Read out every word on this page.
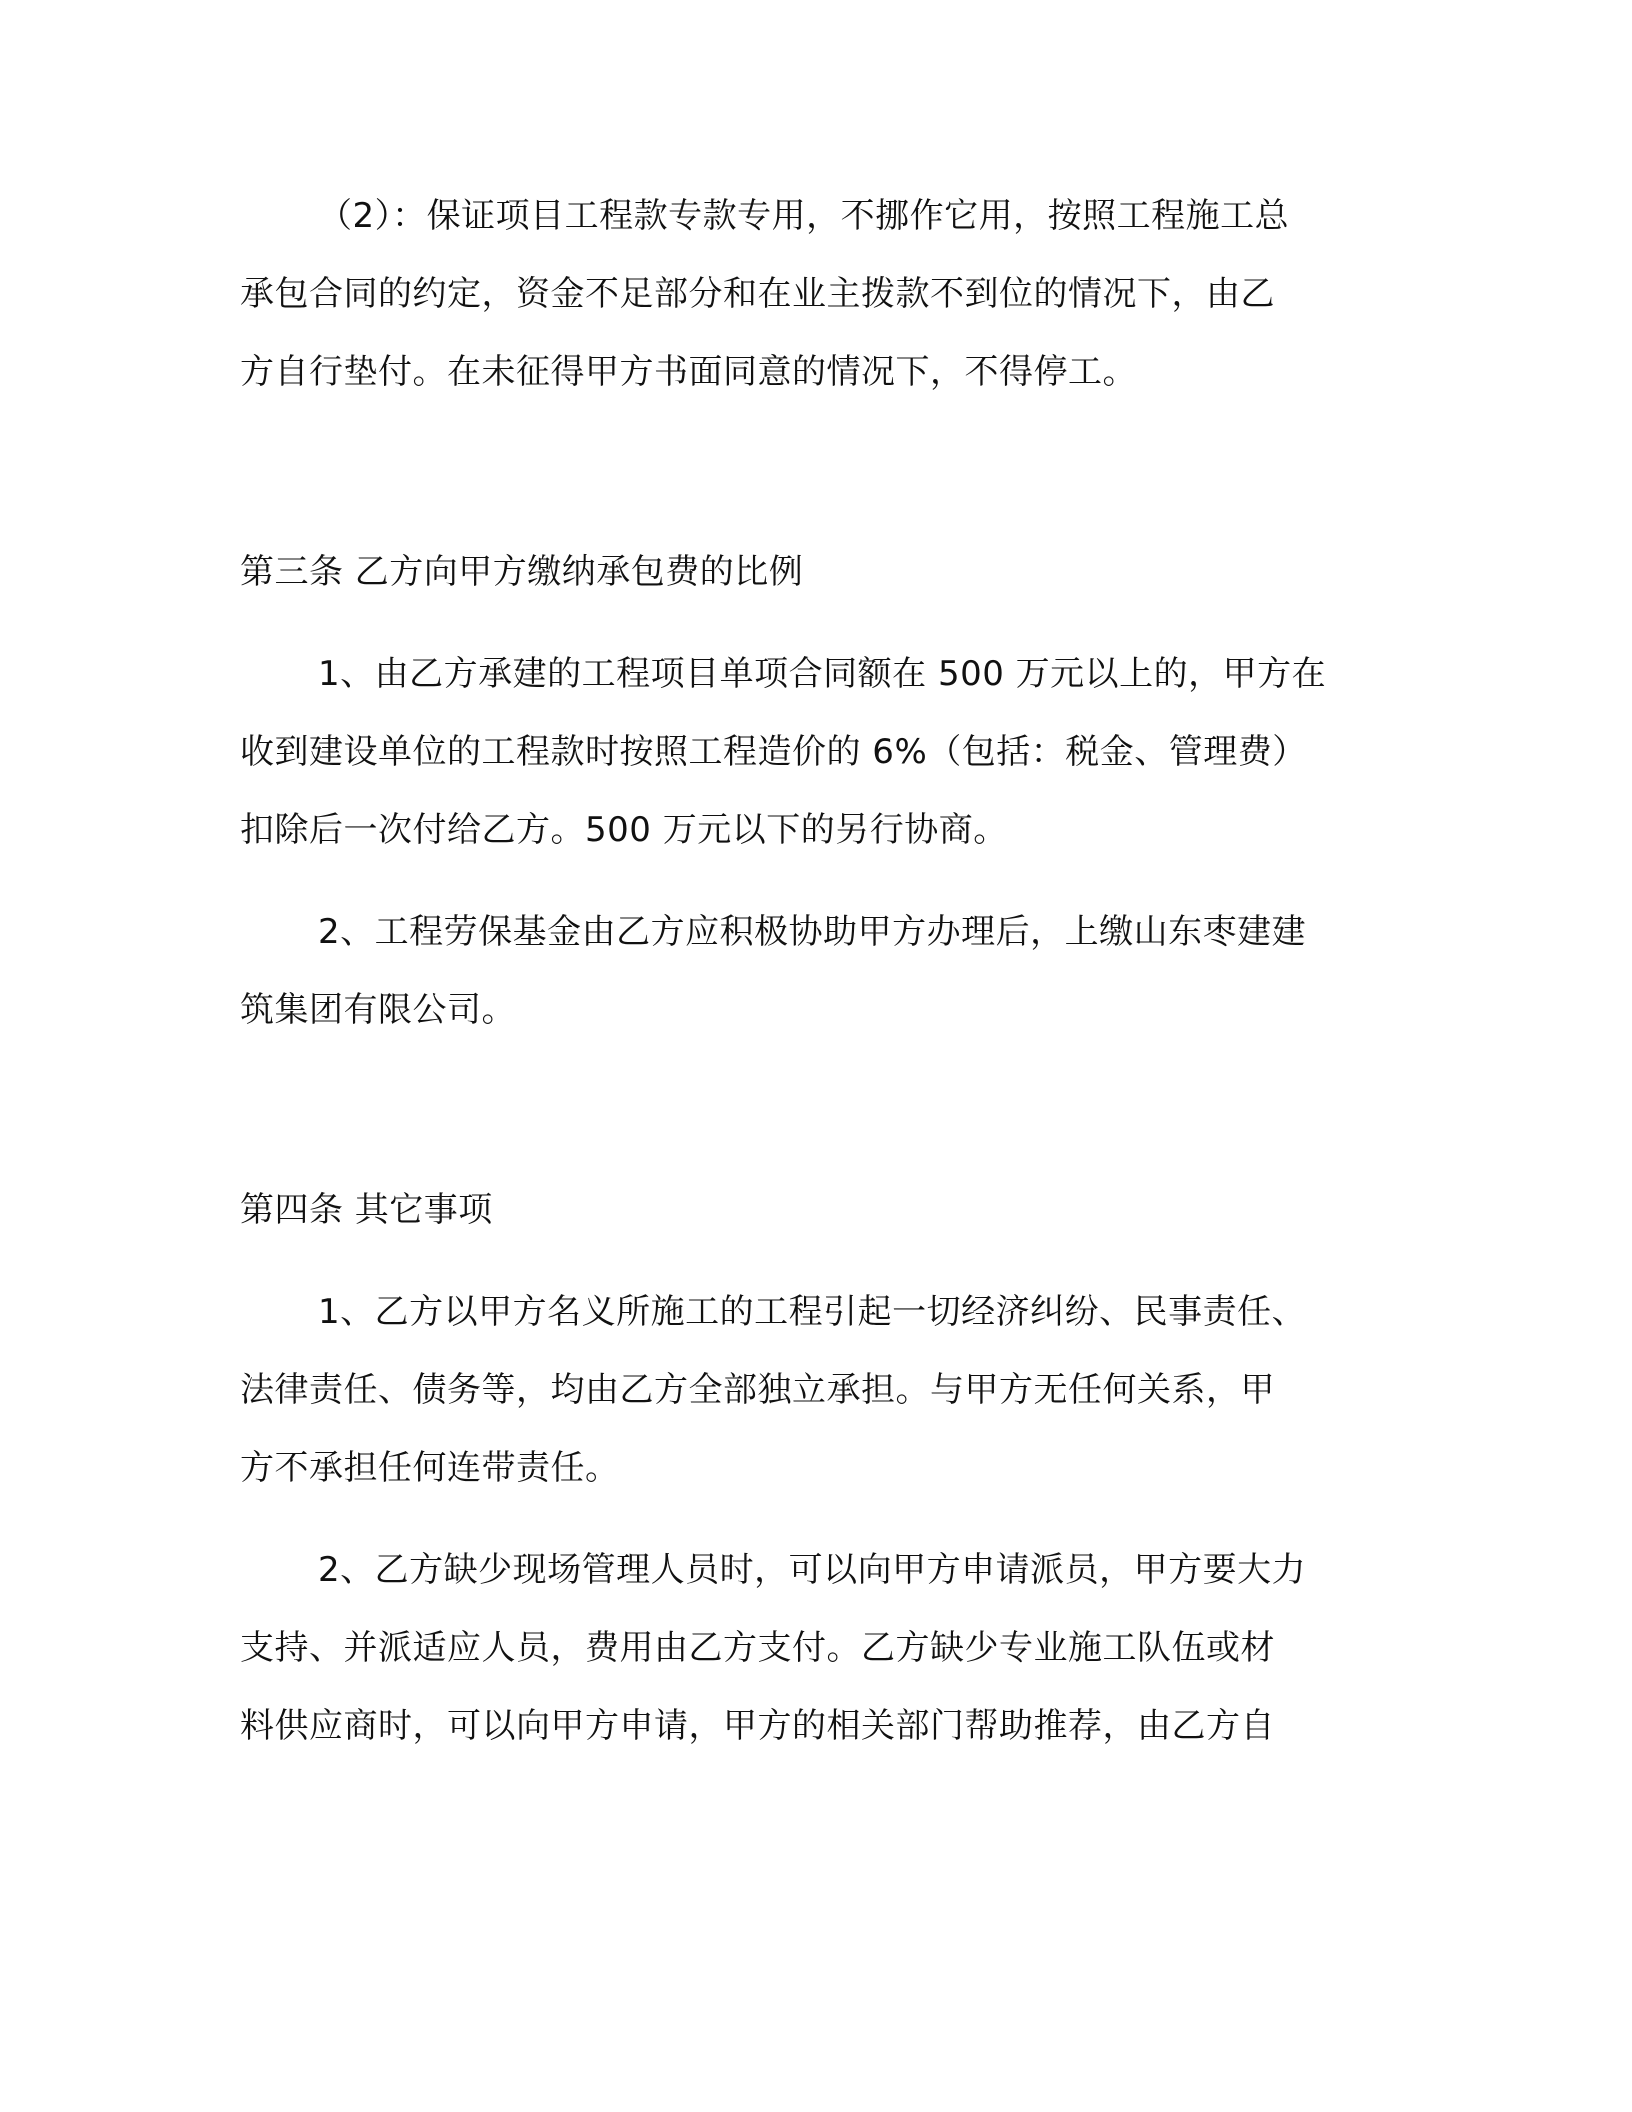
（2）：保证项目工程款专款专用，不挪作它用，按照工程施工总
承包合同的约定，资金不足部分和在业主拨款不到位的情况下，由乙
方自行垫付。在未征得甲方书面同意的情况下，不得停工。
第三条 乙方向甲方缴纳承包费的比例
1、由乙方承建的工程项目单项合同额在 500 万元以上的，甲方在
收到建设单位的工程款时按照工程造价的 6%（包括：税金、管理费）
扣除后一次付给乙方。500 万元以下的另行协商。
2、工程劳保基金由乙方应积极协助甲方办理后，上缴山东枣建建
筑集团有限公司。
第四条 其它事项
1、乙方以甲方名义所施工的工程引起一切经济纠纷、民事责任、
法律责任、债务等，均由乙方全部独立承担。与甲方无任何关系，甲
方不承担任何连带责任。
2、乙方缺少现场管理人员时，可以向甲方申请派员，甲方要大力
支持、并派适应人员，费用由乙方支付。乙方缺少专业施工队伍或材
料供应商时，可以向甲方申请，甲方的相关部门帮助推荐，由乙方自
